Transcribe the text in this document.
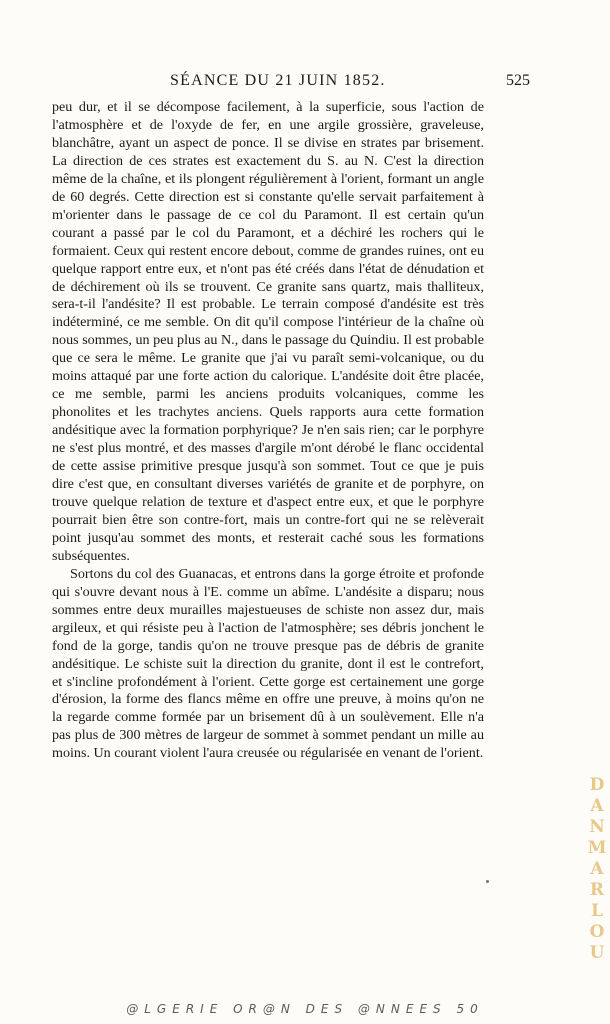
SÉANCE DU 21 JUIN 1852.	525

peu dur, et il se décompose facilement, à la superficie, sous l'action de l'atmosphère et de l'oxyde de fer, en une argile grossière, graveleuse, blanchâtre, ayant un aspect de ponce. Il se divise en strates par brisement. La direction de ces strates est exactement du S. au N. C'est la direction même de la chaîne, et ils plongent régulièrement à l'orient, formant un angle de 60 degrés. Cette direction est si constante qu'elle servait parfaitement à m'orienter dans le passage de ce col du Paramont. Il est certain qu'un courant a passé par le col du Paramont, et a déchiré les rochers qui le formaient. Ceux qui restent encore debout, comme de grandes ruines, ont eu quelque rapport entre eux, et n'ont pas été créés dans l'état de dénudation et de déchirement où ils se trouvent. Ce granite sans quartz, mais thalliteux, sera-t-il l'andésite? Il est probable. Le terrain composé d'andésite est très indéterminé, ce me semble. On dit qu'il compose l'intérieur de la chaîne où nous sommes, un peu plus au N., dans le passage du Quindiu. Il est probable que ce sera le même. Le granite que j'ai vu paraît semi-volcanique, ou du moins attaqué par une forte action du calorique. L'andésite doit être placée, ce me semble, parmi les anciens produits volcaniques, comme les phonolites et les trachytes anciens. Quels rapports aura cette formation andésitique avec la formation porphyrique? Je n'en sais rien; car le porphyre ne s'est plus montré, et des masses d'argile m'ont dérobé le flanc occidental de cette assise primitive presque jusqu'à son sommet. Tout ce que je puis dire c'est que, en consultant diverses variétés de granite et de porphyre, on trouve quelque relation de texture et d'aspect entre eux, et que le porphyre pourrait bien être son contre-fort, mais un contre-fort qui ne se relèverait point jusqu'au sommet des monts, et resterait caché sous les formations subséquentes.

Sortons du col des Guanacas, et entrons dans la gorge étroite et profonde qui s'ouvre devant nous à l'E. comme un abîme. L'andésite a disparu; nous sommes entre deux murailles majestueuses de schiste non assez dur, mais argileux, et qui résiste peu à l'action de l'atmosphère; ses débris jonchent le fond de la gorge, tandis qu'on ne trouve presque pas de débris de granite andésitique. Le schiste suit la direction du granite, dont il est le contrefort, et s'incline profondément à l'orient. Cette gorge est certainement une gorge d'érosion, la forme des flancs même en offre une preuve, à moins qu'on ne la regarde comme formée par un brisement dû à un soulèvement. Elle n'a pas plus de 300 mètres de largeur de sommet à sommet pendant un mille au moins. Un courant violent l'aura creusée ou régularisée en venant de l'orient.

D
A
N
M
A
R
L
O
U
@LGERIE OR@N DES @NNEES 50
